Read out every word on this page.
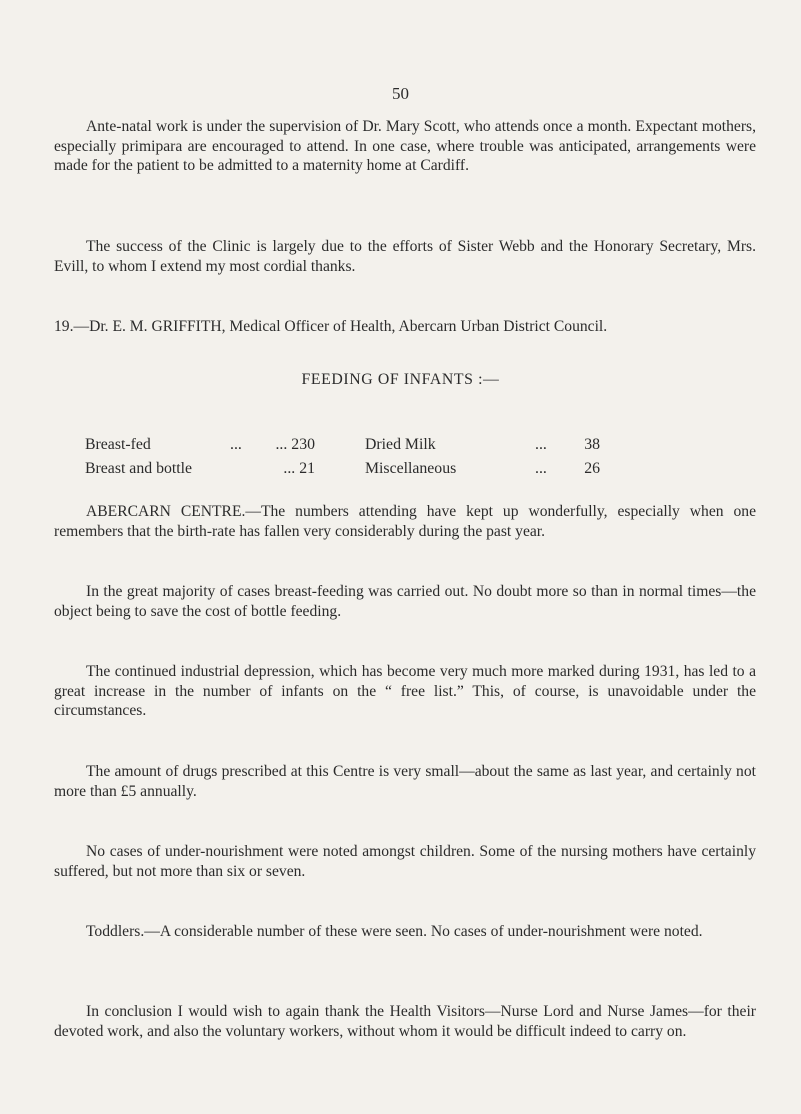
50

Ante-natal work is under the supervision of Dr. Mary Scott, who attends once a month. Expectant mothers, especially primipara are encouraged to attend. In one case, where trouble was anticipated, arrangements were made for the patient to be admitted to a maternity home at Cardiff.

The success of the Clinic is largely due to the efforts of Sister Webb and the Honorary Secretary, Mrs. Evill, to whom I extend my most cordial thanks.

19.—Dr. E. M. GRIFFITH, Medical Officer of Health, Abercarn Urban District Council.
FEEDING OF INFANTS :—
Breast-fed	...	... 230	Dried Milk	...	38
Breast and bottle	... 21	Miscellaneous	...	26

ABERCARN CENTRE.—The numbers attending have kept up wonderfully, especially when one remembers that the birth-rate has fallen very considerably during the past year.

In the great majority of cases breast-feeding was carried out. No doubt more so than in normal times—the object being to save the cost of bottle feeding.

The continued industrial depression, which has become very much more marked during 1931, has led to a great increase in the number of infants on the “ free list.” This, of course, is unavoidable under the circumstances.

The amount of drugs prescribed at this Centre is very small—about the same as last year, and certainly not more than £5 annually.

No cases of under-nourishment were noted amongst children. Some of the nursing mothers have certainly suffered, but not more than six or seven.

Toddlers.—A considerable number of these were seen. No cases of under-nourishment were noted.

In conclusion I would wish to again thank the Health Visitors—Nurse Lord and Nurse James—for their devoted work, and also the voluntary workers, without whom it would be difficult indeed to carry on.
